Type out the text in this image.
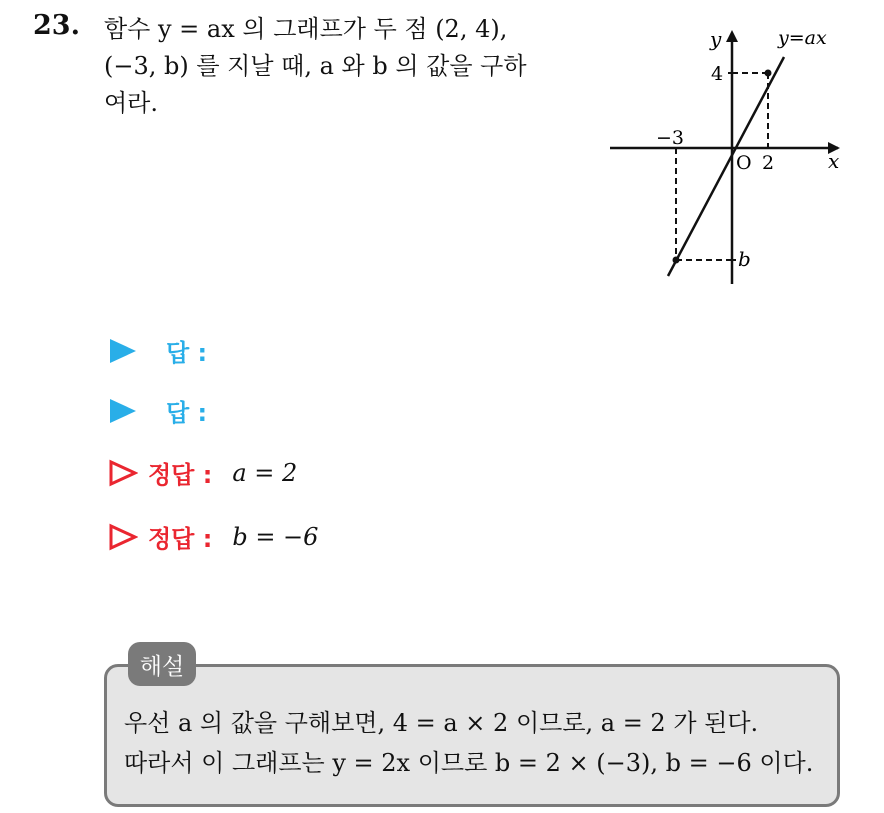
23. 함수 y = ax 의 그래프가 두 점 (2, 4),
(−3, b) 를 지날 때, a 와 b 의 값을 구하
여라.
y	y=ax
4
−3
O 2	x
b
답 :
답 :
정답 : a = 2
정답 : b = −6
해설
우선 a 의 값을 구해보면, 4 = a × 2 이므로, a = 2 가 된다.
따라서 이 그래프는 y = 2x 이므로 b = 2 × (−3), b = −6 이다.
